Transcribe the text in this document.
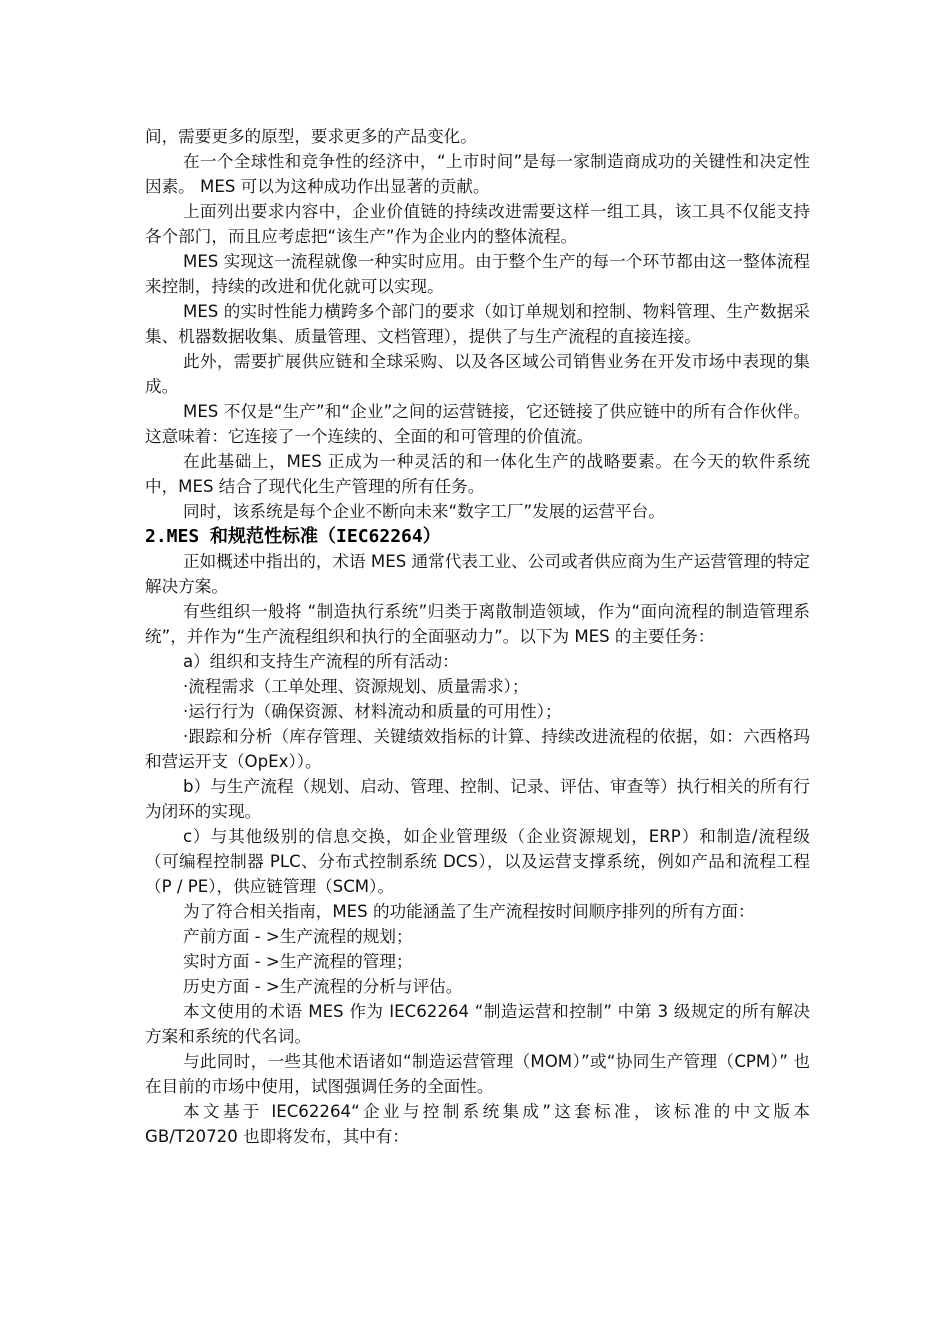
间，需要更多的原型，要求更多的产品变化。

在一个全球性和竞争性的经济中，“上市时间”是每一家制造商成功的关键性和决定性因素。 MES 可以为这种成功作出显著的贡献。

上面列出要求内容中，企业价值链的持续改进需要这样一组工具，该工具不仅能支持各个部门，而且应考虑把“该生产”作为企业内的整体流程。

MES 实现这一流程就像一种实时应用。由于整个生产的每一个环节都由这一整体流程来控制，持续的改进和优化就可以实现。

MES 的实时性能力横跨多个部门的要求（如订单规划和控制、物料管理、生产数据采集、机器数据收集、质量管理、文档管理），提供了与生产流程的直接连接。

此外，需要扩展供应链和全球采购、以及各区域公司销售业务在开发市场中表现的集成。

MES 不仅是“生产”和“企业”之间的运营链接，它还链接了供应链中的所有合作伙伴。这意味着：它连接了一个连续的、全面的和可管理的价值流。

在此基础上，MES 正成为一种灵活的和一体化生产的战略要素。在今天的软件系统中，MES 结合了现代化生产管理的所有任务。

同时，该系统是每个企业不断向未来“数字工厂”发展的运营平台。

2.MES 和规范性标准（IEC62264）

正如概述中指出的，术语 MES 通常代表工业、公司或者供应商为生产运营管理的特定解决方案。

有些组织一般将 “制造执行系统”归类于离散制造领域，作为“面向流程的制造管理系统”，并作为“生产流程组织和执行的全面驱动力”。以下为 MES 的主要任务：

a）组织和支持生产流程的所有活动：

·流程需求（工单处理、资源规划、质量需求）；

·运行行为（确保资源、材料流动和质量的可用性）；

·跟踪和分析（库存管理、关键绩效指标的计算、持续改进流程的依据，如：六西格玛和营运开支（OpEx））。

b）与生产流程（规划、启动、管理、控制、记录、评估、审查等）执行相关的所有行为闭环的实现。

c）与其他级别的信息交换，如企业管理级（企业资源规划，ERP）和制造/流程级（可编程控制器 PLC、分布式控制系统 DCS），以及运营支撑系统，例如产品和流程工程（P / PE），供应链管理（SCM）。

为了符合相关指南，MES 的功能涵盖了生产流程按时间顺序排列的所有方面：

产前方面 - >生产流程的规划；

实时方面 - >生产流程的管理；

历史方面 - >生产流程的分析与评估。

本文使用的术语 MES 作为 IEC62264 “制造运营和控制” 中第 3 级规定的所有解决方案和系统的代名词。

与此同时，一些其他术语诸如“制造运营管理（MOM）”或“协同生产管理（CPM）” 也在目前的市场中使用，试图强调任务的全面性。

本文基于 IEC62264“企业与控制系统集成”这套标准，该标准的中文版本 GB/T20720 也即将发布，其中有：
